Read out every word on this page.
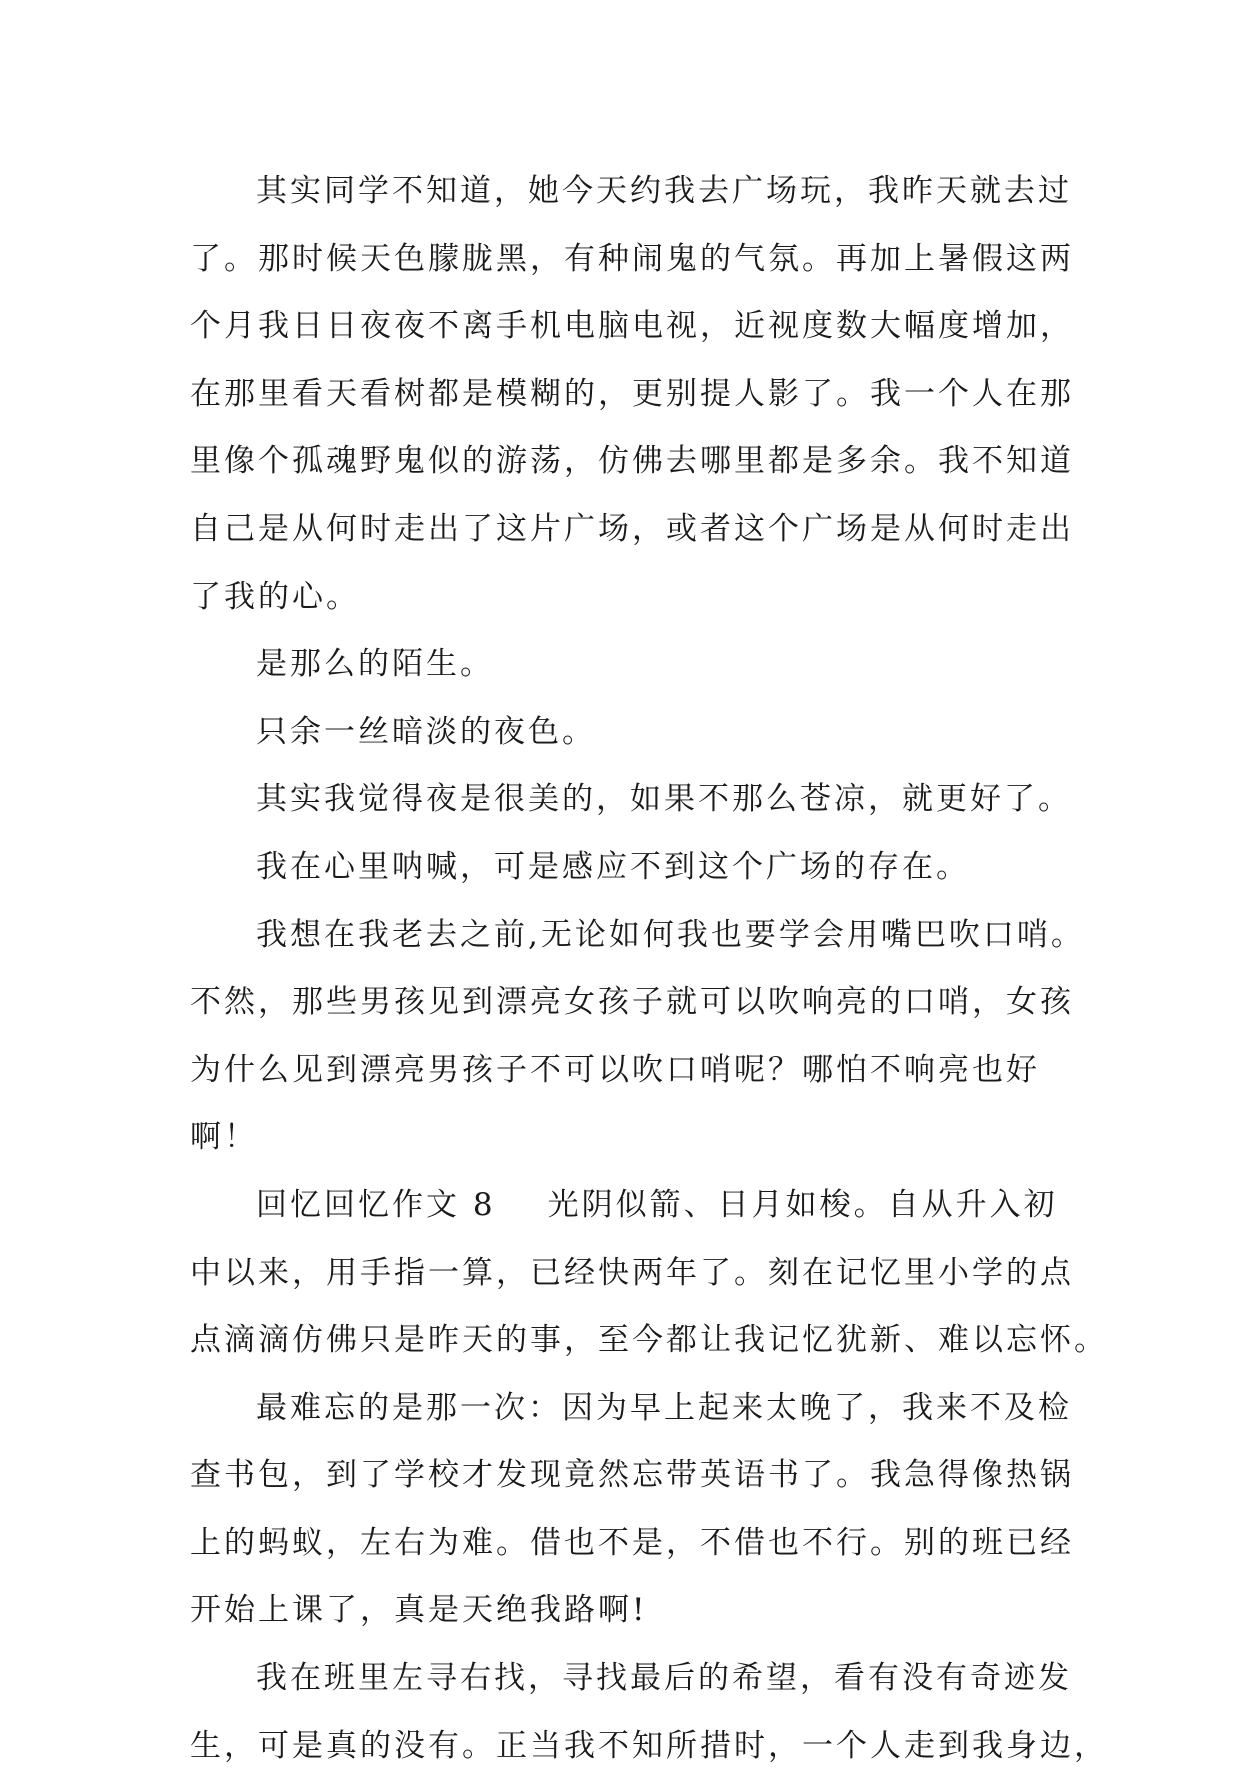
其实同学不知道，她今天约我去广场玩，我昨天就去过
了。那时候天色朦胧黑，有种闹鬼的气氛。再加上暑假这两
个月我日日夜夜不离手机电脑电视，近视度数大幅度增加，
在那里看天看树都是模糊的，更别提人影了。我一个人在那
里像个孤魂野鬼似的游荡，仿佛去哪里都是多余。我不知道
自己是从何时走出了这片广场，或者这个广场是从何时走出
了我的心。
是那么的陌生。
只余一丝暗淡的夜色。
其实我觉得夜是很美的，如果不那么苍凉，就更好了。
我在心里呐喊，可是感应不到这个广场的存在。
我想在我老去之前,无论如何我也要学会用嘴巴吹口哨。
不然，那些男孩见到漂亮女孩子就可以吹响亮的口哨，女孩
为什么见到漂亮男孩子不可以吹口哨呢？哪怕不响亮也好
啊！
回忆回忆作文 8 光阴似箭、日月如梭。自从升入初
中以来，用手指一算，已经快两年了。刻在记忆里小学的点
点滴滴仿佛只是昨天的事，至今都让我记忆犹新、难以忘怀。
最难忘的是那一次：因为早上起来太晚了，我来不及检
查书包，到了学校才发现竟然忘带英语书了。我急得像热锅
上的蚂蚁，左右为难。借也不是，不借也不行。别的班已经
开始上课了，真是天绝我路啊!
我在班里左寻右找，寻找最后的希望，看有没有奇迹发
生，可是真的没有。正当我不知所措时，一个人走到我身边，
